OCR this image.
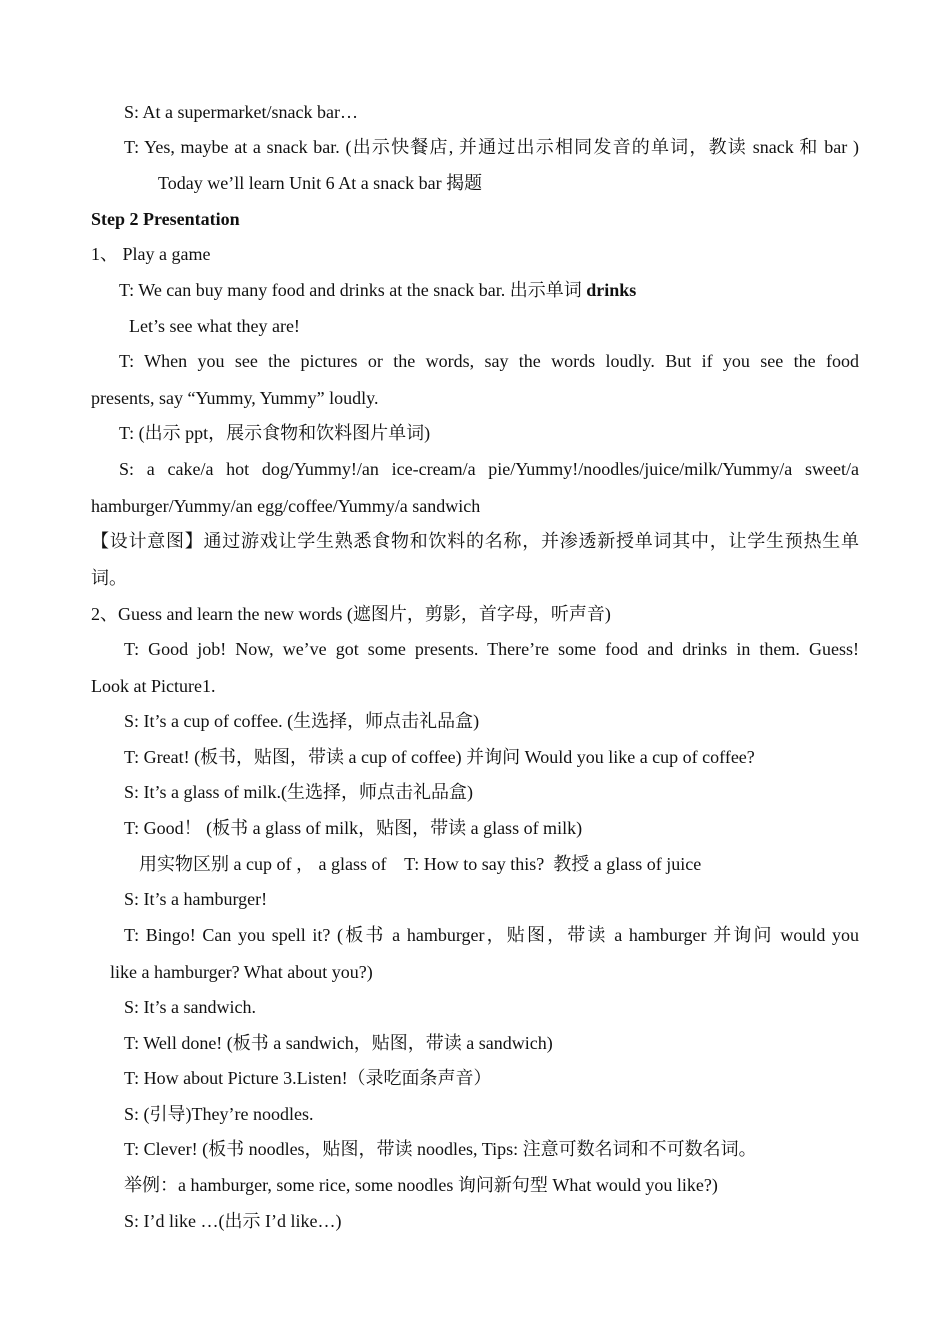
S: At a supermarket/snack bar…

T: Yes, maybe at a snack bar. (出示快餐店, 并通过出示相同发音的单词，教读 snack 和 bar )

Today we’ll learn Unit 6 At a snack bar 揭题

Step 2 Presentation

1、 Play a game

T: We can buy many food and drinks at the snack bar. 出示单词 drinks

Let’s see what they are!

T: When you see the pictures or the words, say the words loudly. But if you see the food

presents, say “Yummy, Yummy” loudly.

T: (出示 ppt，展示食物和饮料图片单词)

S: a cake/a hot dog/Yummy!/an ice-cream/a pie/Yummy!/noodles/juice/milk/Yummy/a sweet/a

hamburger/Yummy/an egg/coffee/Yummy/a sandwich

【设计意图】通过游戏让学生熟悉食物和饮料的名称，并渗透新授单词其中，让学生预热生单

词。

2、Guess and learn the new words (遮图片，剪影，首字母，听声音)

T: Good job! Now, we’ve got some presents. There’re some food and drinks in them. Guess!

Look at Picture1.

S: It’s a cup of coffee. (生选择，师点击礼品盒)

T: Great! (板书，贴图，带读 a cup of coffee) 并询问 Would you like a cup of coffee?

S: It’s a glass of milk.(生选择，师点击礼品盒)

T: Good！ (板书 a glass of milk，贴图，带读 a glass of milk)

用实物区别 a cup of ， a glass of    T: How to say this?  教授 a glass of juice

S: It’s a hamburger!

T: Bingo! Can you spell it? (板书 a hamburger，贴图，带读 a hamburger 并询问 would you

like a hamburger? What about you?)

S: It’s a sandwich.

T: Well done! (板书 a sandwich，贴图，带读 a sandwich)

T: How about Picture 3.Listen!（录吃面条声音）

S: (引导)They’re noodles.

T: Clever! (板书 noodles，贴图，带读 noodles, Tips: 注意可数名词和不可数名词。

举例：a hamburger, some rice, some noodles 询问新句型 What would you like?)

S: I’d like …(出示 I’d like…)
